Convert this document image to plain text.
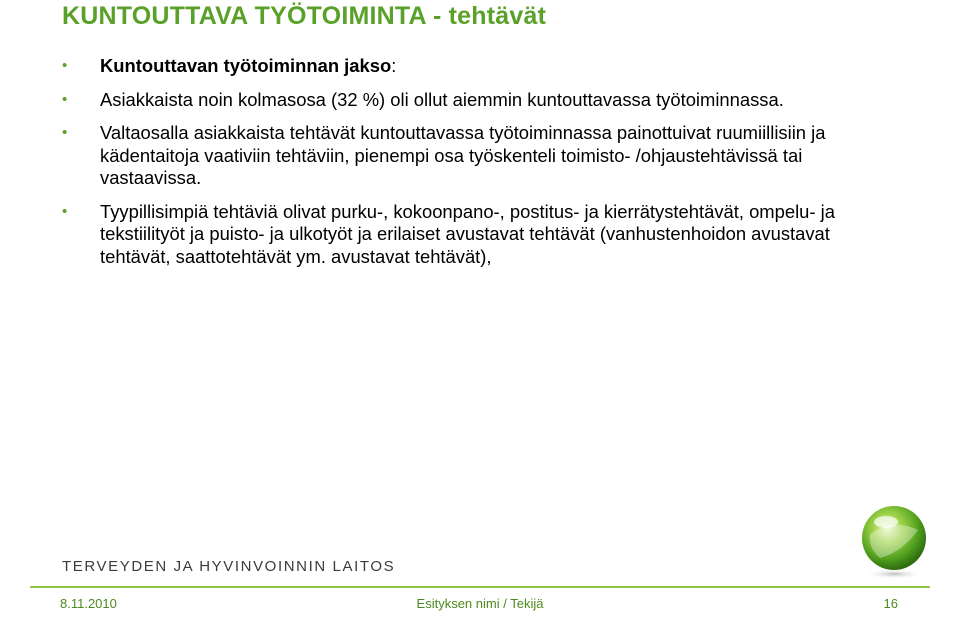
KUNTOUTTAVA TYÖTOIMINTA - tehtävät
• Kuntouttavan työtoiminnan jakso:
• Asiakkaista noin kolmasosa (32 %) oli ollut aiemmin kuntouttavassa työtoiminnassa.
• Valtaosalla asiakkaista tehtävät kuntouttavassa työtoiminnassa painottuivat ruumiillisiin ja kädentaitoja vaativiin tehtäviin, pienempi osa työskenteli toimisto- /ohjaustehtävissä tai vastaavissa.
• Tyypillisimpiä tehtäviä olivat purku-, kokoonpano-, postitus- ja kierrätystehtävät, ompelu- ja tekstiilityöt ja puisto- ja ulkotyöt ja erilaiset avustavat tehtävät (vanhustenhoidon avustavat tehtävät, saattotehtävät ym. avustavat tehtävät),
TERVEYDEN JA HYVINVOINNIN LAITOS
8.11.2010	Esityksen nimi / Tekijä	16
